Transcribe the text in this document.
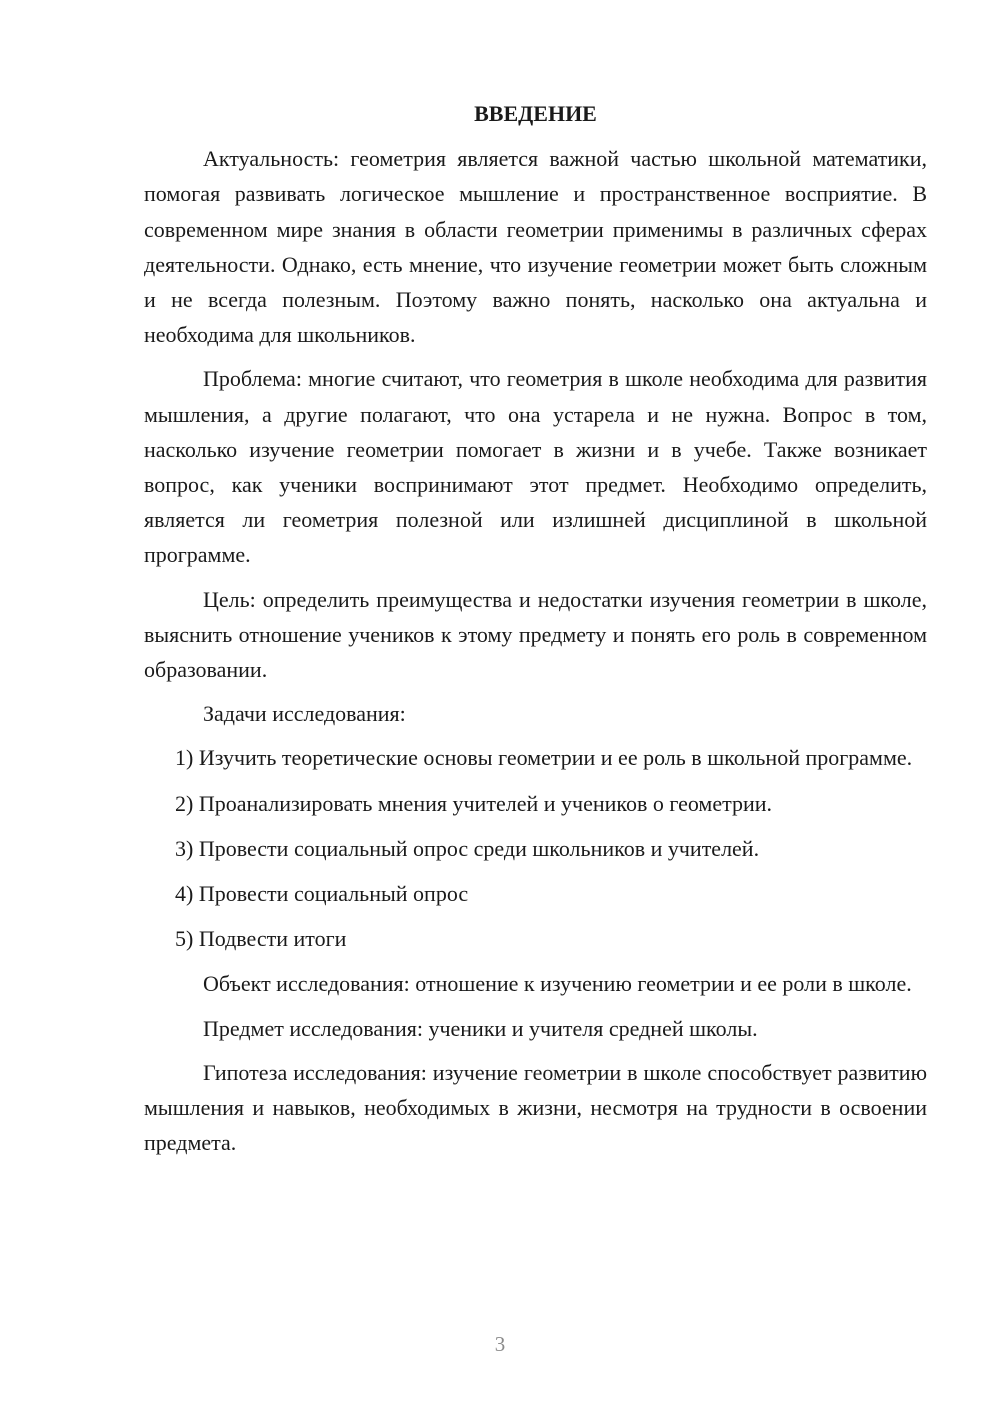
ВВЕДЕНИЕ

Актуальность: геометрия является важной частью школьной математики, помогая развивать логическое мышление и пространственное восприятие. В современном мире знания в области геометрии применимы в различных сферах деятельности. Однако, есть мнение, что изучение геометрии может быть сложным и не всегда полезным. Поэтому важно понять, насколько она актуальна и необходима для школьников.

Проблема: многие считают, что геометрия в школе необходима для развития мышления, а другие полагают, что она устарела и не нужна. Вопрос в том, насколько изучение геометрии помогает в жизни и в учебе. Также возникает вопрос, как ученики воспринимают этот предмет. Необходимо определить, является ли геометрия полезной или излишней дисциплиной в школьной программе.

Цель: определить преимущества и недостатки изучения геометрии в школе, выяснить отношение учеников к этому предмету и понять его роль в современном образовании.

Задачи исследования:

1) Изучить теоретические основы геометрии и ее роль в школьной программе.

2) Проанализировать мнения учителей и учеников о геометрии.

3) Провести социальный опрос среди школьников и учителей.

4) Провести социальный опрос

5) Подвести итоги

Объект исследования: отношение к изучению геометрии и ее роли в школе.

Предмет исследования: ученики и учителя средней школы.

Гипотеза исследования: изучение геометрии в школе способствует развитию мышления и навыков, необходимых в жизни, несмотря на трудности в освоении предмета.

3
